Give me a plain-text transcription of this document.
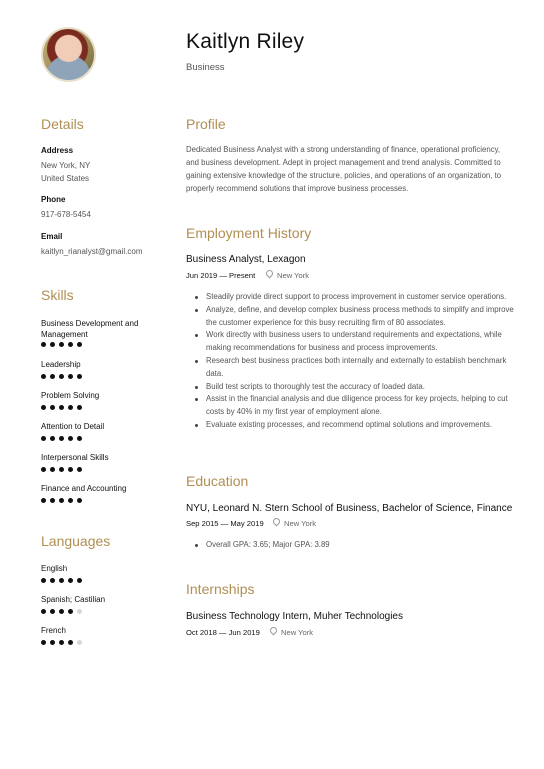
Kaitlyn Riley
Business
Details
Address
New York, NY
United States
Phone
917-678-5454
Email
kaitlyn_rianalyst@gmail.com
Skills
Business Development and Management
Leadership
Problem Solving
Attention to Detail
Interpersonal Skills
Finance and Accounting
Languages
English
Spanish; Castilian
French
Profile
Dedicated Business Analyst with a strong understanding of finance, operational proficiency, and business development. Adept in project management and trend analysis. Committed to gaining extensive knowledge of the structure, policies, and operations of an organization, to properly recommend solutions that improve business processes.
Employment History
Business Analyst, Lexagon
Jun 2019 — Present	New York
Steadily provide direct support to process improvement in customer service operations.
Analyze, define, and develop complex business process methods to simplify and improve the customer experience for this busy recruiting firm of 80 associates.
Work directly with business users to understand requirements and expectations, while making recommendations for business and process improvements.
Research best business practices both internally and externally to establish benchmark data.
Build test scripts to thoroughly test the accuracy of loaded data.
Assist in the financial analysis and due diligence process for key projects, helping to cut costs by 40% in my first year of employment alone.
Evaluate existing processes, and recommend optimal solutions and improvements.
Education
NYU, Leonard N. Stern School of Business, Bachelor of Science, Finance
Sep 2015 — May 2019	New York
Overall GPA: 3.65; Major GPA: 3.89
Internships
Business Technology Intern, Muher Technologies
Oct 2018 — Jun 2019	New York
